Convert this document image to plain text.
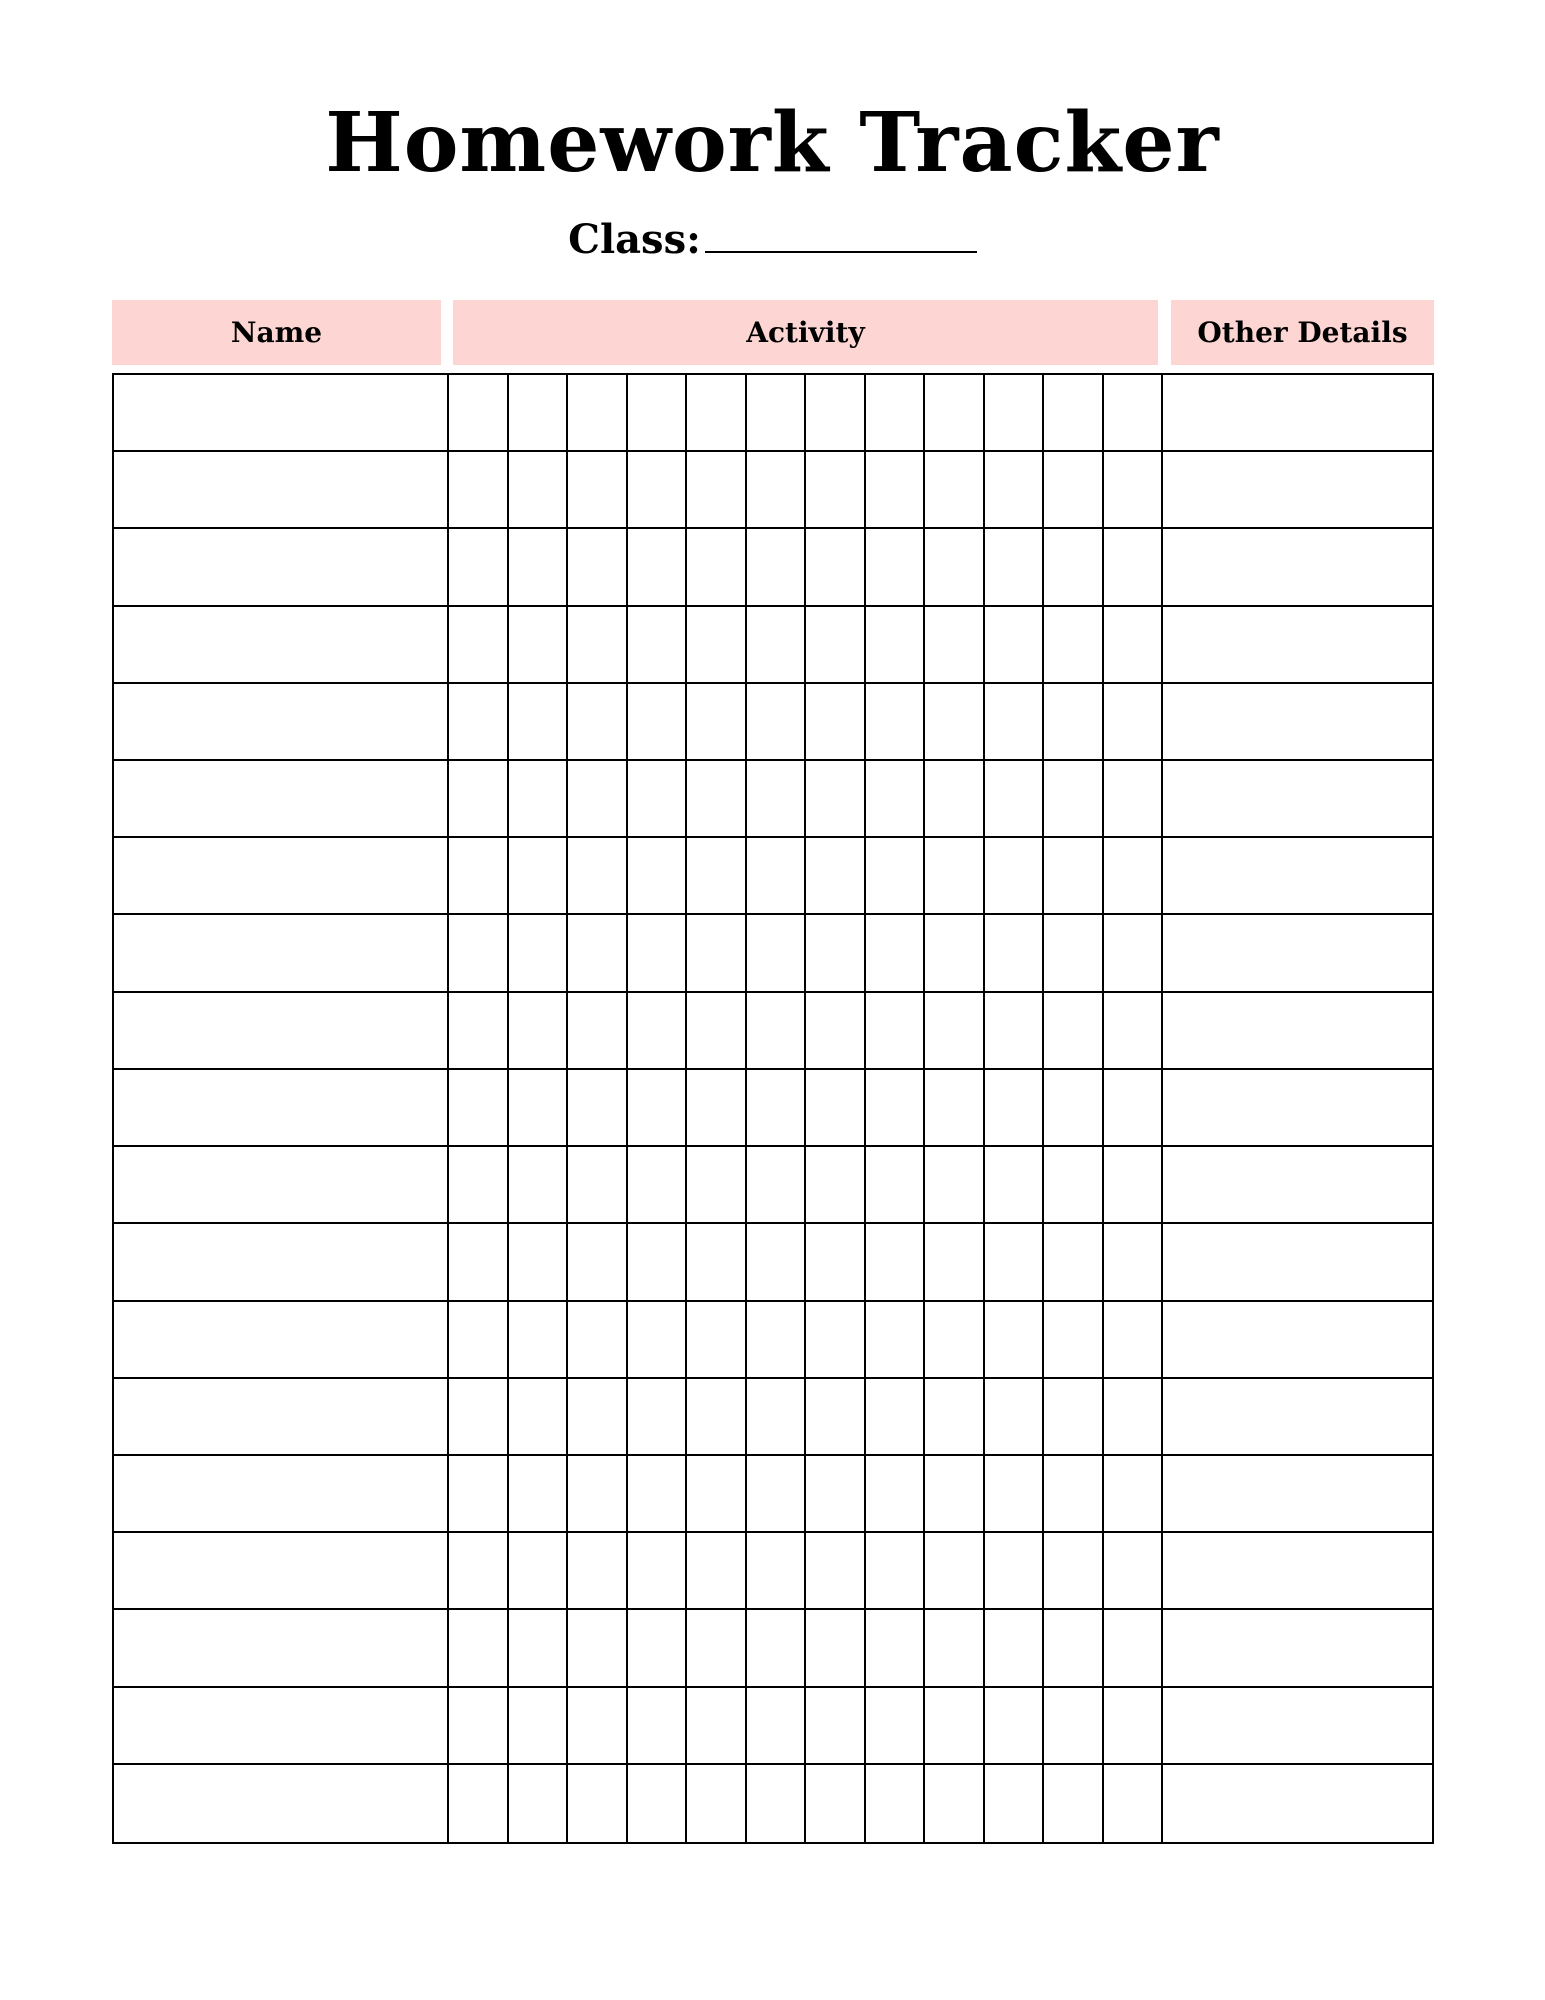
Homework Tracker
Class:
Name	Activity	Other Details
